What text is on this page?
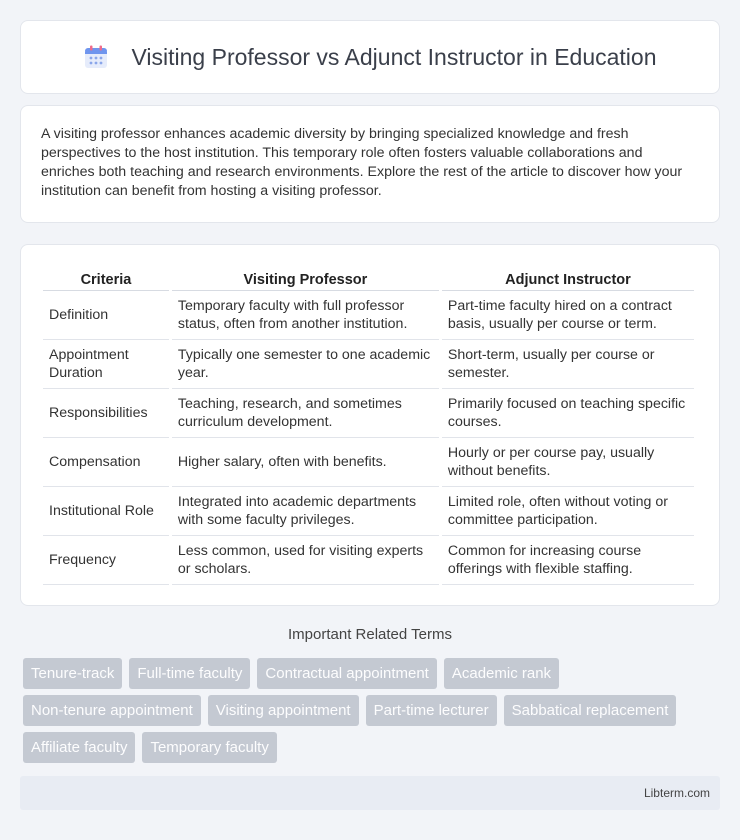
Visiting Professor vs Adjunct Instructor in Education

A visiting professor enhances academic diversity by bringing specialized knowledge and fresh perspectives to the host institution. This temporary role often fosters valuable collaborations and enriches both teaching and research environments. Explore the rest of the article to discover how your institution can benefit from hosting a visiting professor.

Criteria	Visiting Professor	Adjunct Instructor
Definition	Temporary faculty with full professor status, often from another institution.	Part-time faculty hired on a contract basis, usually per course or term.
Appointment Duration	Typically one semester to one academic year.	Short-term, usually per course or semester.
Responsibilities	Teaching, research, and sometimes curriculum development.	Primarily focused on teaching specific courses.
Compensation	Higher salary, often with benefits.	Hourly or per course pay, usually without benefits.
Institutional Role	Integrated into academic departments with some faculty privileges.	Limited role, often without voting or committee participation.
Frequency	Less common, used for visiting experts or scholars.	Common for increasing course offerings with flexible staffing.
Important Related Terms
Tenure-track	Full-time faculty	Contractual appointment	Academic rank
Non-tenure appointment	Visiting appointment	Part-time lecturer	Sabbatical replacement
Affiliate faculty	Temporary faculty
Libterm.com
